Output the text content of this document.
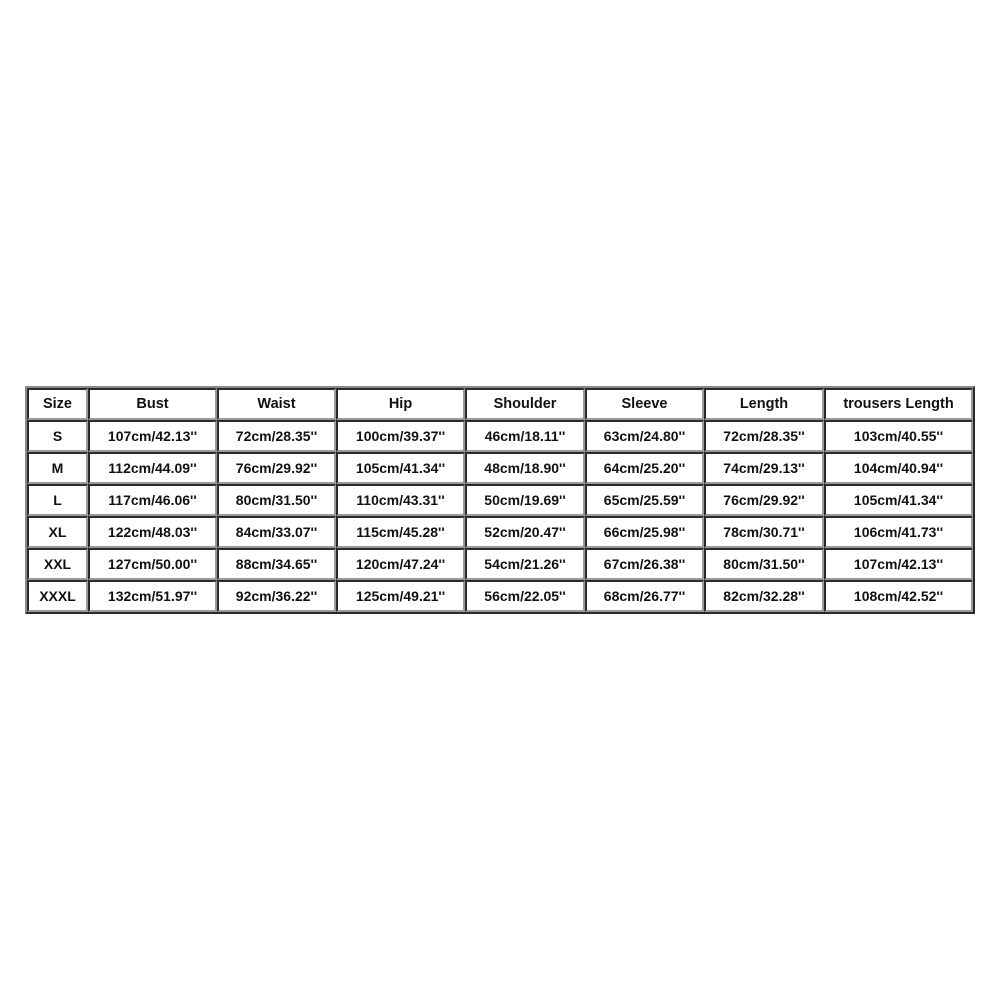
Size	Bust	Waist	Hip	Shoulder	Sleeve	Length	trousers Length
S	107cm/42.13''	72cm/28.35''	100cm/39.37''	46cm/18.11''	63cm/24.80''	72cm/28.35''	103cm/40.55''
M	112cm/44.09''	76cm/29.92''	105cm/41.34''	48cm/18.90''	64cm/25.20''	74cm/29.13''	104cm/40.94''
L	117cm/46.06''	80cm/31.50''	110cm/43.31''	50cm/19.69''	65cm/25.59''	76cm/29.92''	105cm/41.34''
XL	122cm/48.03''	84cm/33.07''	115cm/45.28''	52cm/20.47''	66cm/25.98''	78cm/30.71''	106cm/41.73''
XXL	127cm/50.00''	88cm/34.65''	120cm/47.24''	54cm/21.26''	67cm/26.38''	80cm/31.50''	107cm/42.13''
XXXL	132cm/51.97''	92cm/36.22''	125cm/49.21''	56cm/22.05''	68cm/26.77''	82cm/32.28''	108cm/42.52''
